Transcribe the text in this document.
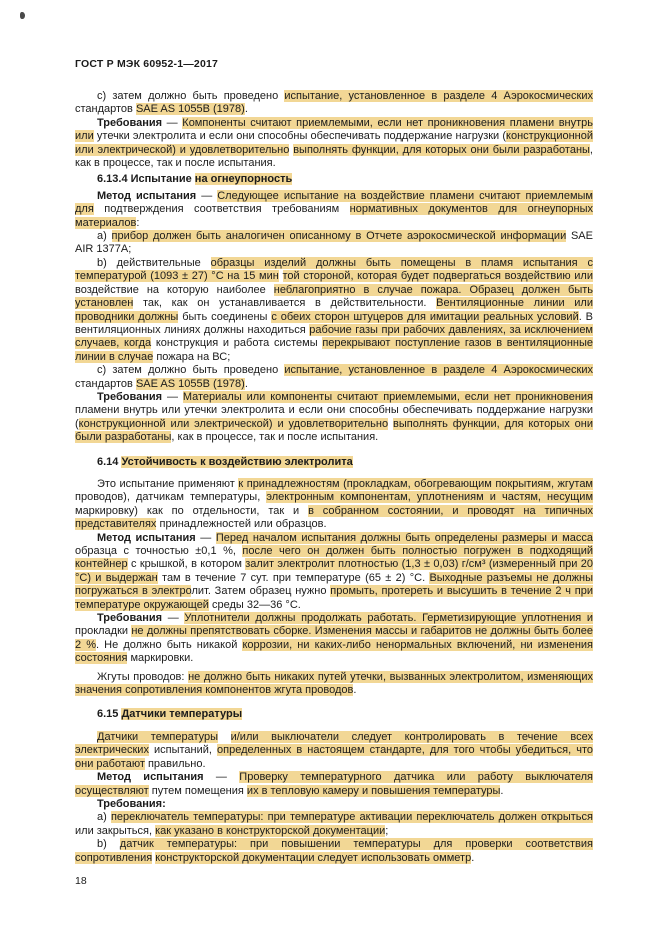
ГОСТ Р МЭК 60952-1—2017

c) затем должно быть проведено испытание, установленное в разделе 4 Аэрокосмических стандартов SAE AS 1055B (1978).

Требования — Компоненты считают приемлемыми, если нет проникновения пламени внутрь или утечки электролита и если они способны обеспечивать поддержание нагрузки (конструкционной или электрической) и удовлетворительно выполнять функции, для которых они были разработаны, как в процессе, так и после испытания.

6.13.4 Испытание на огнеупорность

Метод испытания — Следующее испытание на воздействие пламени считают приемлемым для подтверждения соответствия требованиям нормативных документов для огнеупорных материалов:

a) прибор должен быть аналогичен описанному в Отчете аэрокосмической информации SAE AIR 1377A;

b) действительные образцы изделий должны быть помещены в пламя испытания с температурой (1093 ± 27) °C на 15 мин той стороной, которая будет подвергаться воздействию или воздействие на которую наиболее неблагоприятно в случае пожара. Образец должен быть установлен так, как он устанавливается в действительности. Вентиляционные линии или проводники должны быть соединены с обеих сторон штуцеров для имитации реальных условий. В вентиляционных линиях должны находиться рабочие газы при рабочих давлениях, за исключением случаев, когда конструкция и работа системы перекрывают поступление газов в вентиляционные линии в случае пожара на ВС;

c) затем должно быть проведено испытание, установленное в разделе 4 Аэрокосмических стандартов SAE AS 1055B (1978).

Требования — Материалы или компоненты считают приемлемыми, если нет проникновения пламени внутрь или утечки электролита и если они способны обеспечивать поддержание нагрузки (конструкционной или электрической) и удовлетворительно выполнять функции, для которых они были разработаны, как в процессе, так и после испытания.

6.14 Устойчивость к воздействию электролита

Это испытание применяют к принадлежностям (прокладкам, обогревающим покрытиям, жгутам проводов), датчикам температуры, электронным компонентам, уплотнениям и частям, несущим маркировку) как по отдельности, так и в собранном состоянии, и проводят на типичных представителях принадлежностей или образцов.

Метод испытания — Перед началом испытания должны быть определены размеры и масса образца с точностью ±0,1 %, после чего он должен быть полностью погружен в подходящий контейнер с крышкой, в котором залит электролит плотностью (1,3 ± 0,03) г/см³ (измеренный при 20 °C) и выдержан там в течение 7 сут. при температуре (65 ± 2) °C. Выходные разъемы не должны погружаться в электролит. Затем образец нужно промыть, протереть и высушить в течение 2 ч при температуре окружающей среды 32—36 °C.

Требования — Уплотнители должны продолжать работать. Герметизирующие уплотнения и прокладки не должны препятствовать сборке. Изменения массы и габаритов не должны быть более 2 %. Не должно быть никакой коррозии, ни каких-либо ненормальных включений, ни изменения состояния маркировки.

Жгуты проводов: не должно быть никаких путей утечки, вызванных электролитом, изменяющих значения сопротивления компонентов жгута проводов.

6.15 Датчики температуры

Датчики температуры и/или выключатели следует контролировать в течение всех электрических испытаний, определенных в настоящем стандарте, для того чтобы убедиться, что они работают правильно.

Метод испытания — Проверку температурного датчика или работу выключателя осуществляют путем помещения их в тепловую камеру и повышения температуры.

Требования:

a) переключатель температуры: при температуре активации переключатель должен открыться или закрыться, как указано в конструкторской документации;

b) датчик температуры: при повышении температуры для проверки соответствия сопротивления конструкторской документации следует использовать омметр.

18
